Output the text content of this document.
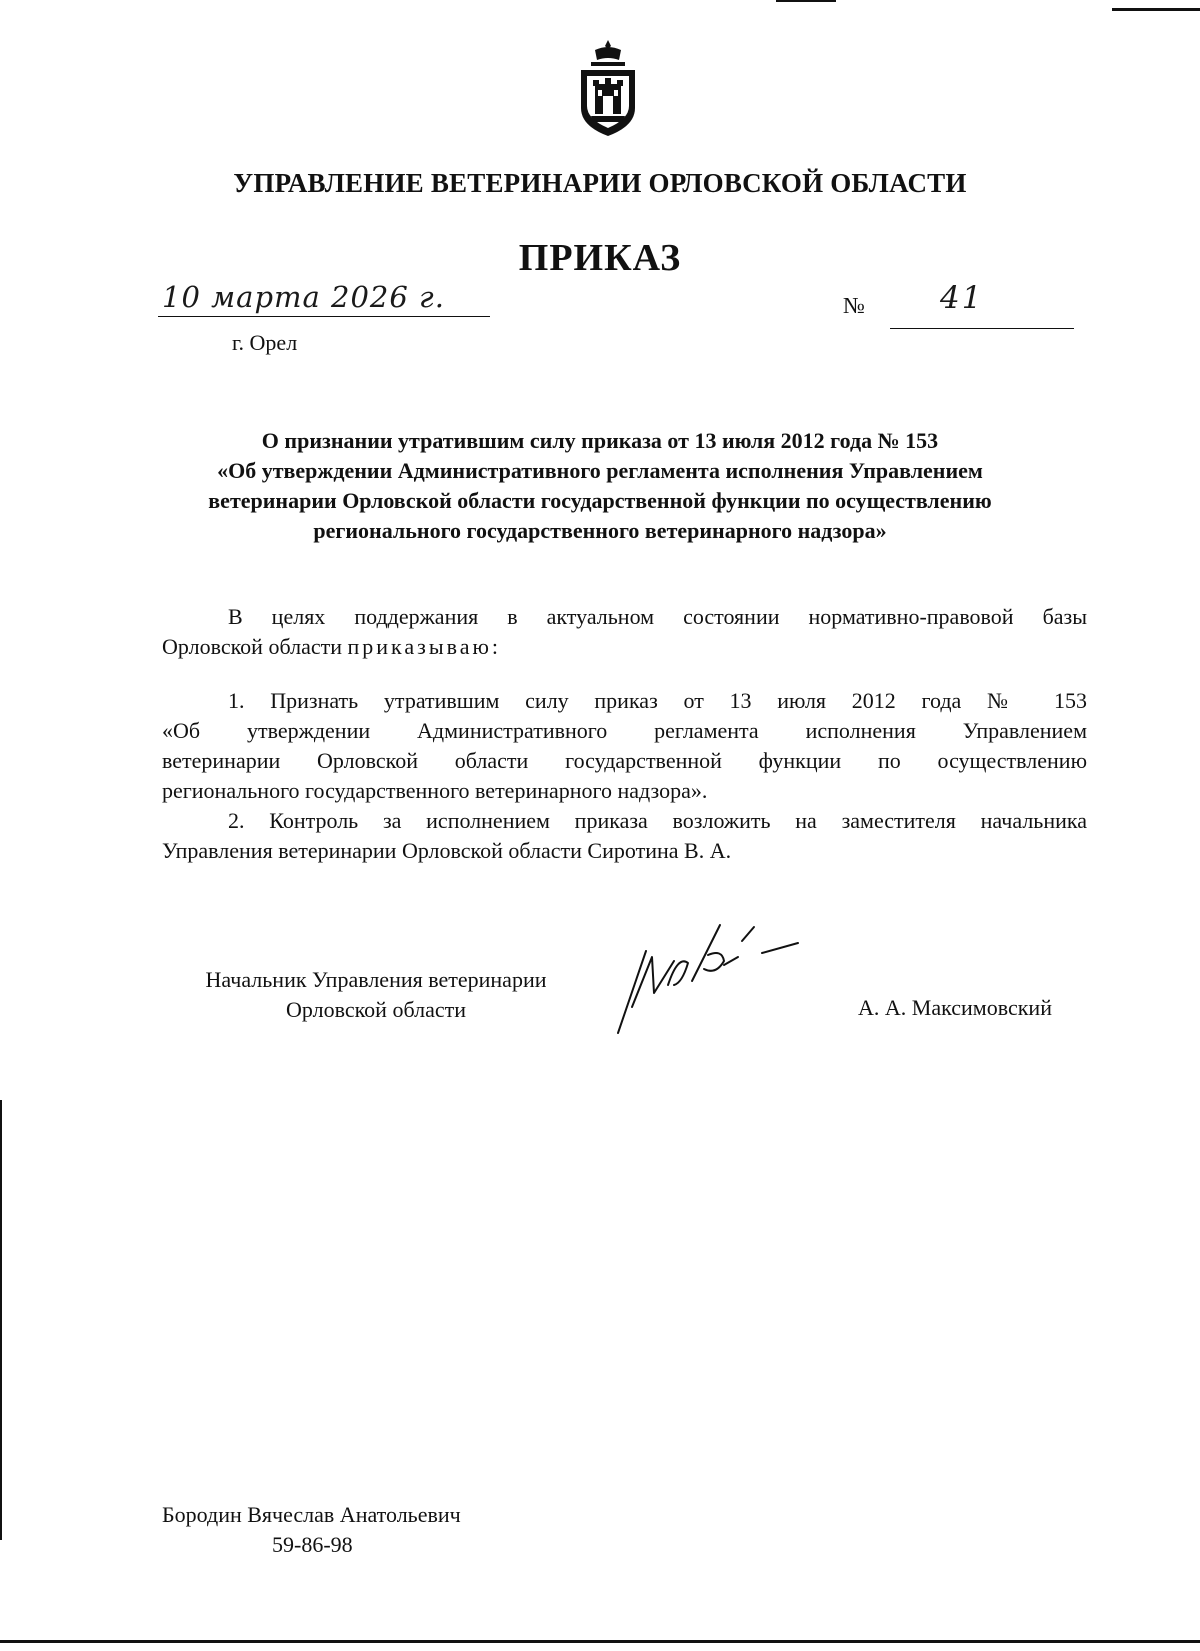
УПРАВЛЕНИЕ ВЕТЕРИНАРИИ ОРЛОВСКОЙ ОБЛАСТИ
ПРИКАЗ
10 марта 2026 г.
г. Орел
№ 41
О признании утратившим силу приказа от 13 июля 2012 года № 153
«Об утверждении Административного регламента исполнения Управлением
ветеринарии Орловской области государственной функции по осуществлению
регионального государственного ветеринарного надзора»
В целях поддержания в актуальном состоянии нормативно-правовой базы
Орловской области приказываю:
1. Признать утратившим силу приказ от 13 июля 2012 года № 153
«Об утверждении Административного регламента исполнения Управлением
ветеринарии Орловской области государственной функции по осуществлению
регионального государственного ветеринарного надзора».
2. Контроль за исполнением приказа возложить на заместителя начальника
Управления ветеринарии Орловской области Сиротина В. А.
Начальник Управления ветеринарии
Орловской области	А. А. Максимовский
Бородин Вячеслав Анатольевич
59-86-98
